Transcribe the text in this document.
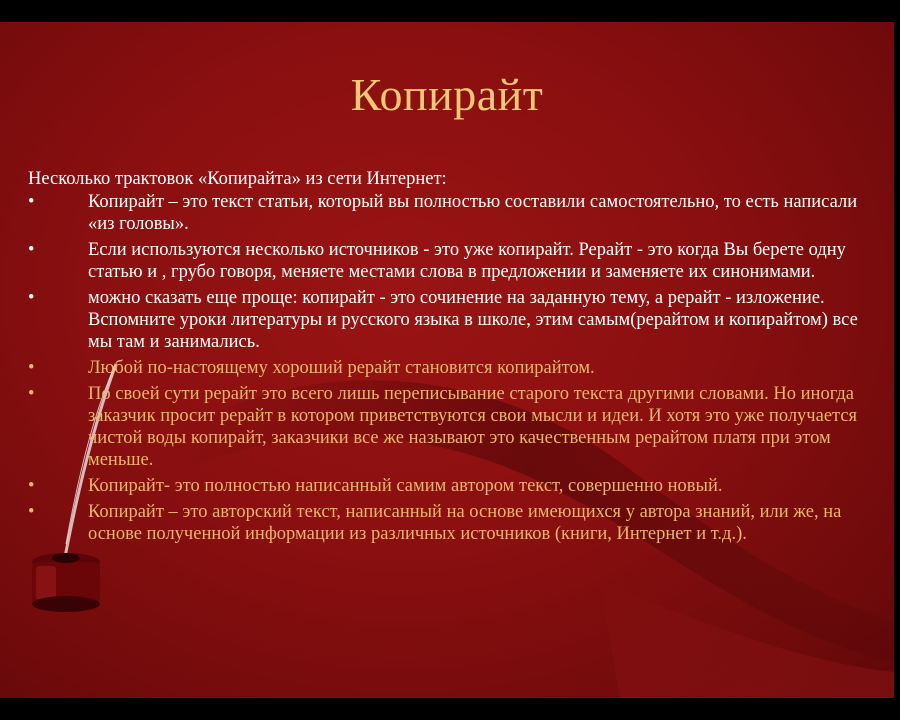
Копирайт
Несколько трактовок «Копирайта» из сети Интернет:
•	Копирайт – это текст статьи, который вы полностью составили самостоятельно, то есть написали «из головы».
•	Если используются несколько источников - это уже копирайт. Рерайт - это когда Вы берете одну статью и , грубо говоря, меняете местами слова в предложении и заменяете их синонимами.
•	можно сказать еще проще: копирайт - это сочинение на заданную тему, а рерайт - изложение. Вспомните уроки литературы и русского языка в школе, этим самым(рерайтом и копирайтом) все мы там и занимались.
•	Любой по-настоящему хороший рерайт становится копирайтом.
•	По своей сути рерайт это всего лишь переписывание старого текста другими словами. Но иногда заказчик просит рерайт в котором приветствуются свои мысли и идеи. И хотя это уже получается чистой воды копирайт, заказчики все же называют это качественным рерайтом платя при этом меньше.
•	Копирайт- это полностью написанный самим автором текст, совершенно новый.
•	Копирайт – это авторский текст, написанный на основе имеющихся у автора знаний, или же, на основе полученной информации из различных источников (книги, Интернет и т.д.).
